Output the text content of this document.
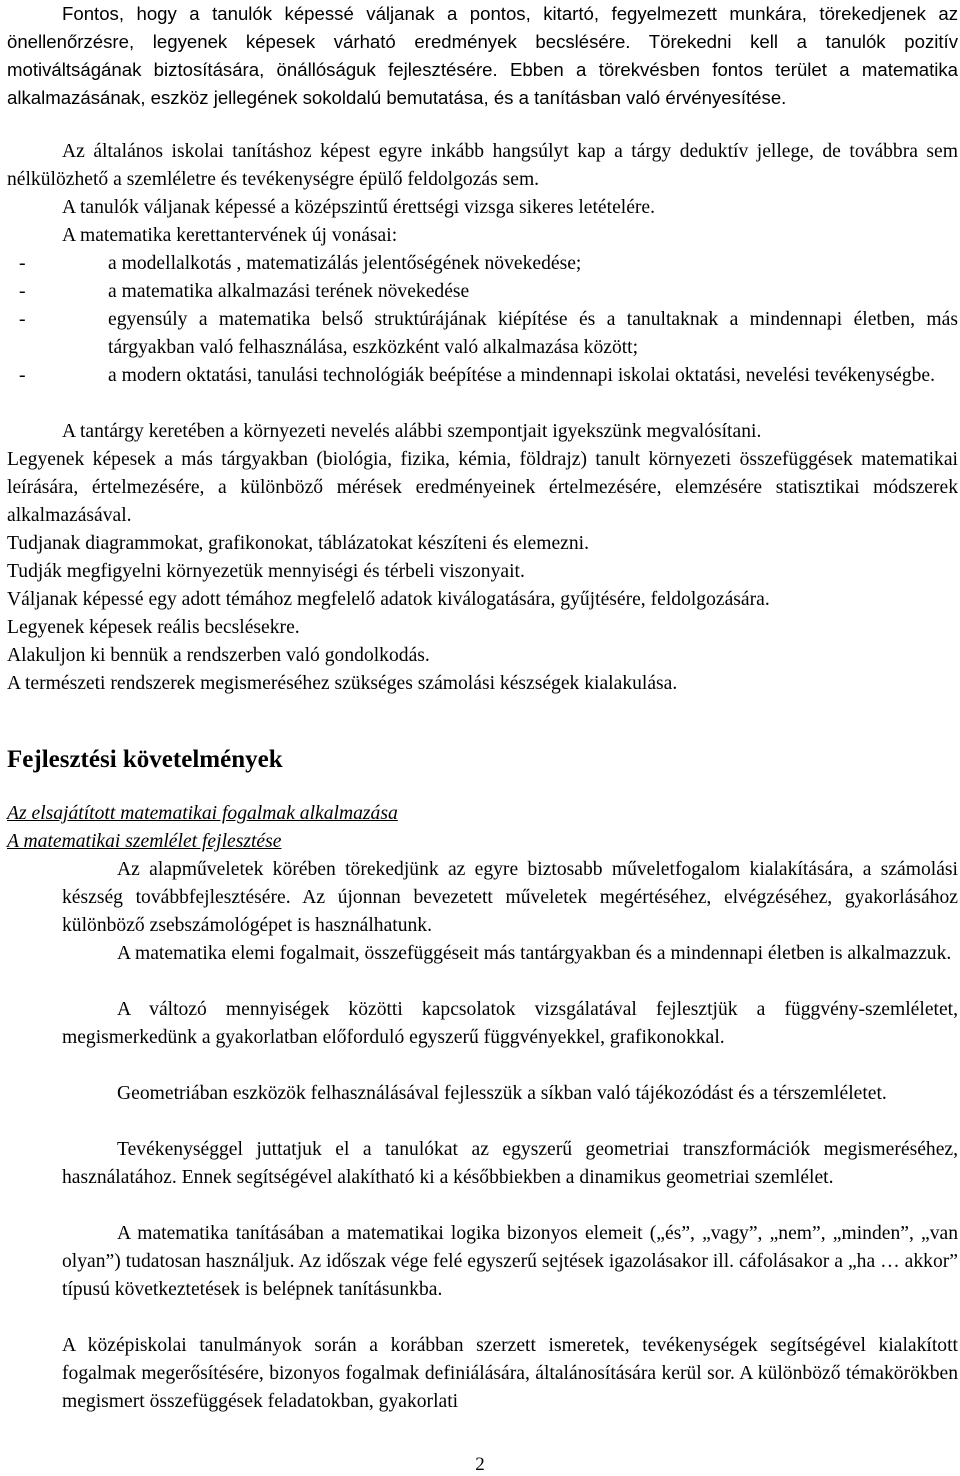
Fontos, hogy a tanulók képessé váljanak a pontos, kitartó, fegyelmezett munkára, törekedjenek az önellenőrzésre, legyenek képesek várható eredmények becslésére. Törekedni kell a tanulók pozitív motiváltságának biztosítására, önállóságuk fejlesztésére. Ebben a törekvésben fontos terület a matematika alkalmazásának, eszköz jellegének sokoldalú bemutatása, és a tanításban való érvényesítése.

Az általános iskolai tanításhoz képest egyre inkább hangsúlyt kap a tárgy deduktív jellege, de továbbra sem nélkülözhető a szemléletre és tevékenységre épülő feldolgozás sem.

A tanulók váljanak képessé a középszintű érettségi vizsga sikeres letételére.

A matematika kerettantervének új vonásai:

-	a modellalkotás , matematizálás jelentőségének növekedése;
-	a matematika alkalmazási terének növekedése
-	egyensúly a matematika belső struktúrájának kiépítése és a tanultaknak a mindennapi életben, más tárgyakban való felhasználása, eszközként való alkalmazása között;
-	a modern oktatási, tanulási technológiák beépítése a mindennapi iskolai oktatási, nevelési tevékenységbe.

A tantárgy keretében a környezeti nevelés alábbi szempontjait igyekszünk megvalósítani.

Legyenek képesek a más tárgyakban (biológia, fizika, kémia, földrajz) tanult környezeti összefüggések matematikai leírására, értelmezésére, a különböző mérések eredményeinek értelmezésére, elemzésére statisztikai módszerek alkalmazásával.

Tudjanak diagrammokat, grafikonokat, táblázatokat készíteni és elemezni.

Tudják megfigyelni környezetük mennyiségi és térbeli viszonyait.

Váljanak képessé egy adott témához megfelelő adatok kiválogatására, gyűjtésére, feldolgozására.

Legyenek képesek reális becslésekre.

Alakuljon ki bennük a rendszerben való gondolkodás.

A természeti rendszerek megismeréséhez szükséges számolási készségek kialakulása.

Fejlesztési követelmények

Az elsajátított matematikai fogalmak alkalmazása

A matematikai szemlélet fejlesztése

Az alapműveletek körében törekedjünk az egyre biztosabb műveletfogalom kialakítására, a számolási készség továbbfejlesztésére. Az újonnan bevezetett műveletek megértéséhez, elvégzéséhez, gyakorlásához különböző zsebszámológépet is használhatunk.

A matematika elemi fogalmait, összefüggéseit más tantárgyakban és a mindennapi életben is alkalmazzuk.

A változó mennyiségek közötti kapcsolatok vizsgálatával fejlesztjük a függvény-szemléletet, megismerkedünk a gyakorlatban előforduló egyszerű függvényekkel, grafikonokkal.

Geometriában eszközök felhasználásával fejlesszük a síkban való tájékozódást és a térszemléletet.

Tevékenységgel juttatjuk el a tanulókat az egyszerű geometriai transzformációk megismeréséhez, használatához. Ennek segítségével alakítható ki a későbbiekben a dinamikus geometriai szemlélet.

A matematika tanításában a matematikai logika bizonyos elemeit („és”, „vagy”, „nem”, „minden”, „van olyan”) tudatosan használjuk. Az időszak vége felé egyszerű sejtések igazolásakor ill. cáfolásakor a „ha … akkor” típusú következtetések is belépnek tanításunkba.

A középiskolai tanulmányok során a korábban szerzett ismeretek, tevékenységek segítségével kialakított fogalmak megerősítésére, bizonyos fogalmak definiálására, általánosítására kerül sor. A különböző témakörökben megismert összefüggések feladatokban, gyakorlati

2
